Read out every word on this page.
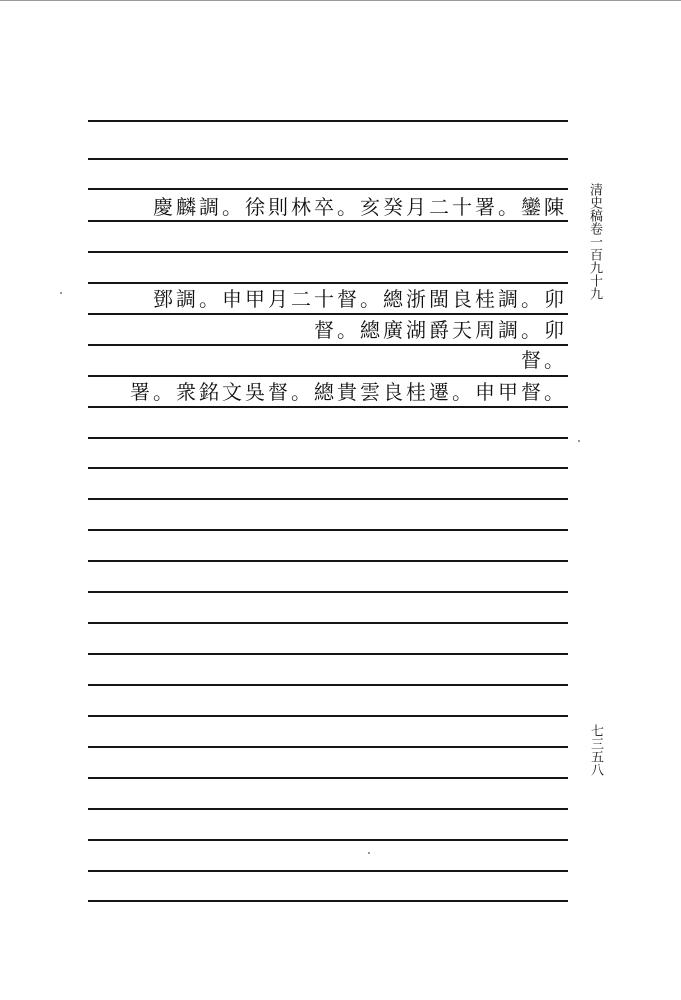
慶麟調。徐則林卒。亥癸月二十署。鑾陳
鄧調。申甲月二十督。總浙閩良桂調。卯
督。總廣湖爵天周調。卯
督。
署。衆銘文吳督。總貴雲良桂遷。申甲督。
清史稿卷一百九十九
七三五八
